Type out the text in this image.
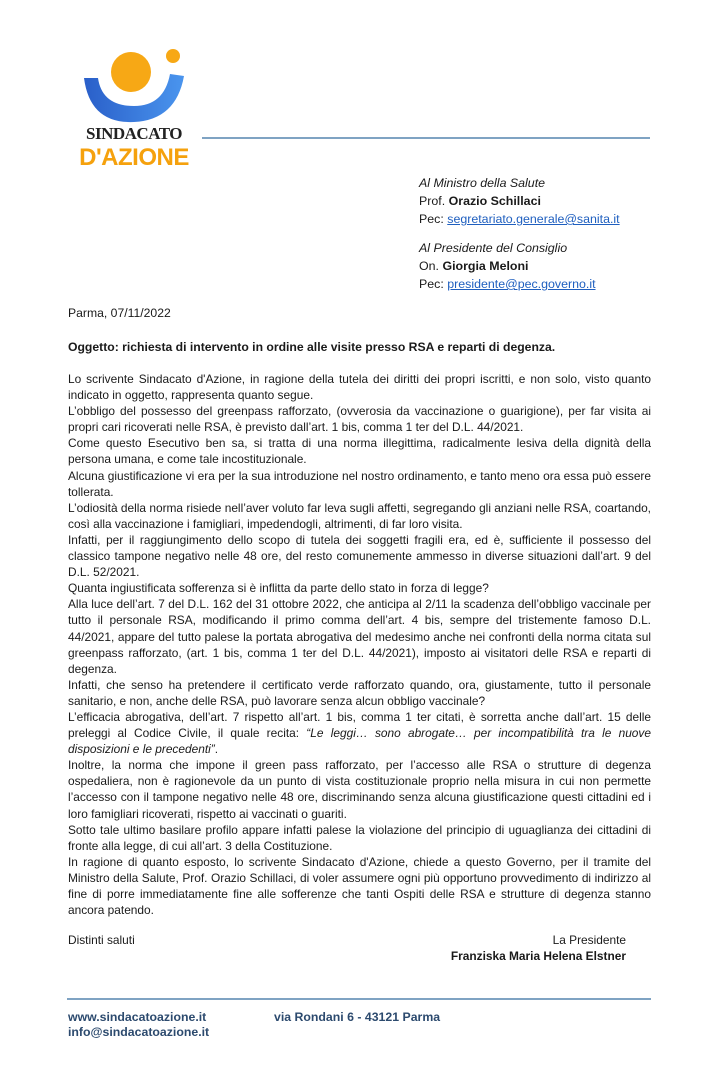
SINDACATO
D'AZIONE
Al Ministro della Salute
Prof. Orazio Schillaci
Pec: segretariato.generale@sanita.it
Al Presidente del Consiglio
On. Giorgia Meloni
Pec: presidente@pec.governo.it
Parma, 07/11/2022
Oggetto: richiesta di intervento in ordine alle visite presso RSA e reparti di degenza.

Lo scrivente Sindacato d'Azione, in ragione della tutela dei diritti dei propri iscritti, e non solo, visto quanto indicato in oggetto, rappresenta quanto segue.

L’obbligo del possesso del greenpass rafforzato, (ovverosia da vaccinazione o guarigione), per far visita ai propri cari ricoverati nelle RSA, è previsto dall’art. 1 bis, comma 1 ter del D.L. 44/2021.

Come questo Esecutivo ben sa, si tratta di una norma illegittima, radicalmente lesiva della dignità della persona umana, e come tale incostituzionale.

Alcuna giustificazione vi era per la sua introduzione nel nostro ordinamento, e tanto meno ora essa può essere tollerata.

L’odiosità della norma risiede nell’aver voluto far leva sugli affetti, segregando gli anziani nelle RSA, coartando, così alla vaccinazione i famigliari, impedendogli, altrimenti, di far loro visita.

Infatti, per il raggiungimento dello scopo di tutela dei soggetti fragili era, ed è, sufficiente il possesso del classico tampone negativo nelle 48 ore, del resto comunemente ammesso in diverse situazioni dall’art. 9 del D.L. 52/2021.

Quanta ingiustificata sofferenza si è inflitta da parte dello stato in forza di legge?

Alla luce dell’art. 7 del D.L. 162 del 31 ottobre 2022, che anticipa al 2/11 la scadenza dell’obbligo vaccinale per tutto il personale RSA, modificando il primo comma dell’art. 4 bis, sempre del tristemente famoso D.L. 44/2021, appare del tutto palese la portata abrogativa del medesimo anche nei confronti della norma citata sul greenpass rafforzato, (art. 1 bis, comma 1 ter del D.L. 44/2021), imposto ai visitatori delle RSA e reparti di degenza.

Infatti, che senso ha pretendere il certificato verde rafforzato quando, ora, giustamente, tutto il personale sanitario, e non, anche delle RSA, può lavorare senza alcun obbligo vaccinale?

L’efficacia abrogativa, dell’art. 7 rispetto all’art. 1 bis, comma 1 ter citati, è sorretta anche dall’art. 15 delle preleggi al Codice Civile, il quale recita: “Le leggi… sono abrogate… per incompatibilità tra le nuove disposizioni e le precedenti”.

Inoltre, la norma che impone il green pass rafforzato, per l’accesso alle RSA o strutture di degenza ospedaliera, non è ragionevole da un punto di vista costituzionale proprio nella misura in cui non permette l’accesso con il tampone negativo nelle 48 ore, discriminando senza alcuna giustificazione questi cittadini ed i loro famigliari ricoverati, rispetto ai vaccinati o guariti.

Sotto tale ultimo basilare profilo appare infatti palese la violazione del principio di uguaglianza dei cittadini di fronte alla legge, di cui all’art. 3 della Costituzione.

In ragione di quanto esposto, lo scrivente Sindacato d'Azione, chiede a questo Governo, per il tramite del Ministro della Salute, Prof. Orazio Schillaci, di voler assumere ogni più opportuno provvedimento di indirizzo al fine di porre immediatamente fine alle sofferenze che tanti Ospiti delle RSA e strutture di degenza stanno ancora patendo.

Distinti saluti	La Presidente
Franziska Maria Helena Elstner
www.sindacatoazione.it
info@sindacatoazione.it
via Rondani 6 - 43121 Parma
